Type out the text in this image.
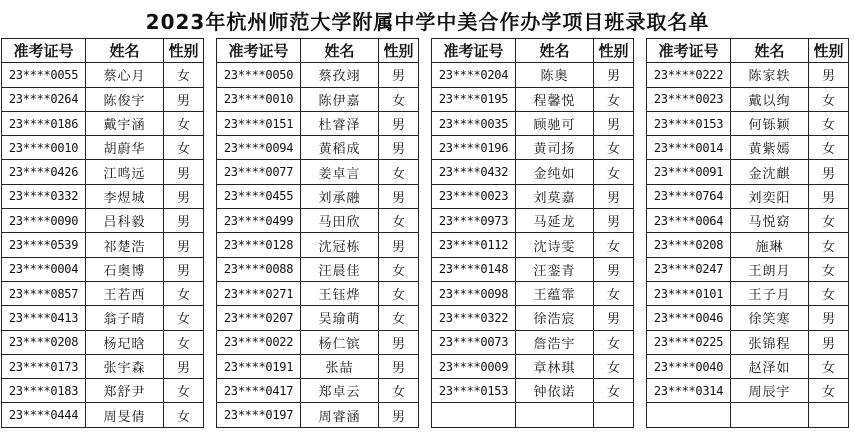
2023年杭州师范大学附属中学中美合作办学项目班录取名单
准考证号	姓名	性别
23****0055	蔡心月	女
23****0264	陈俊宇	男
23****0186	戴宇涵	女
23****0010	胡蔚华	女
23****0426	江鸣远	男
23****0332	李煜城	男
23****0090	吕科毅	男
23****0539	祁楚浩	男
23****0004	石奥博	男
23****0857	王若西	女
23****0413	翁子晴	女
23****0208	杨玘晗	女
23****0173	张宇森	男
23****0183	郑舒尹	女
23****0444	周旻倩	女
准考证号	姓名	性别
23****0050	蔡孜翊	男
23****0010	陈伊嘉	女
23****0151	杜睿泽	男
23****0094	黄稻成	男
23****0077	姜卓言	女
23****0455	刘承融	男
23****0499	马田欣	女
23****0128	沈冠栋	男
23****0088	汪晨佳	女
23****0271	王钰烨	女
23****0207	吴瑜萌	女
23****0022	杨仁镔	男
23****0191	张喆	男
23****0417	郑卓云	女
23****0197	周睿涵	男
准考证号	姓名	性别
23****0204	陈奥	男
23****0195	程馨悦	女
23****0035	顾驰可	男
23****0196	黄司扬	女
23****0432	金纯如	女
23****0023	刘莫嘉	男
23****0973	马延龙	男
23****0112	沈诗雯	女
23****0148	汪銮青	男
23****0098	王蕴霏	女
23****0322	徐浩宸	男
23****0073	詹浩宇	女
23****0009	章林琪	女
23****0153	钟依诺	女

准考证号	姓名	性别
23****0222	陈家轶	男
23****0023	戴以绚	女
23****0153	何铄颖	女
23****0014	黄紫嫣	女
23****0091	金沈麒	男
23****0764	刘奕阳	男
23****0064	马悦窈	女
23****0208	施琳	女
23****0247	王朗月	女
23****0101	王子月	女
23****0046	徐笑寒	男
23****0225	张锦程	男
23****0040	赵泽如	女
23****0314	周辰宇	女
